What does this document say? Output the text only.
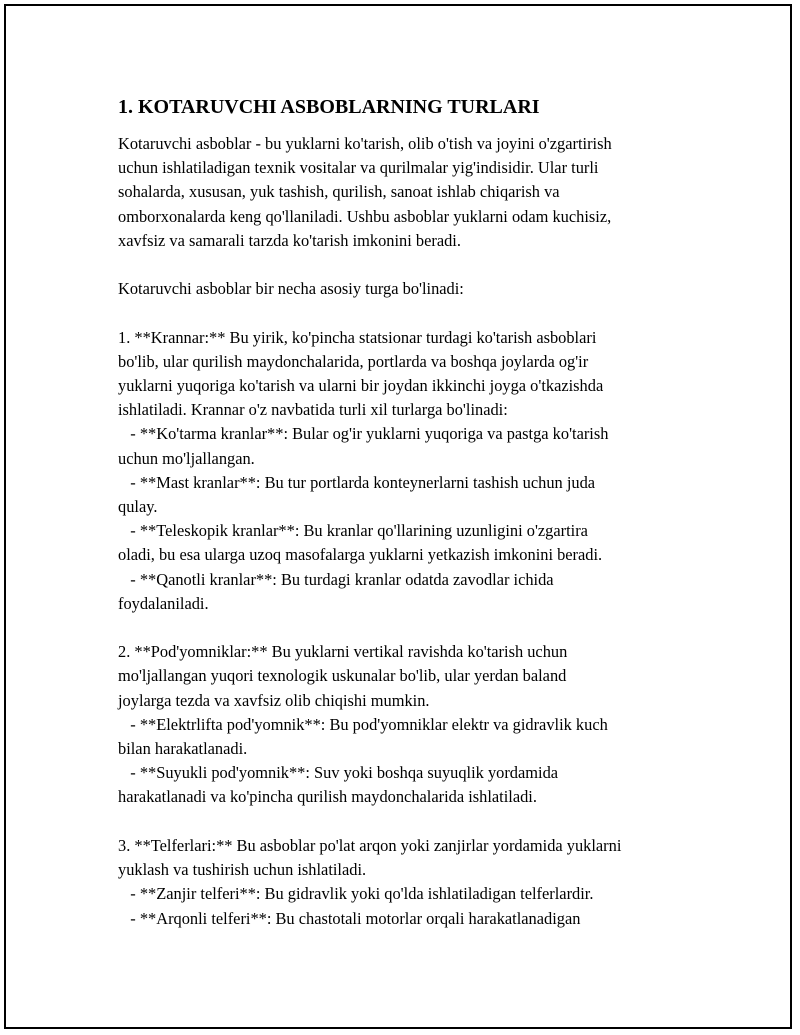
1. KOTARUVCHI ASBOBLARNING TURLARI

Kotaruvchi asboblar - bu yuklarni ko'tarish, olib o'tish va joyini o'zgartirish
uchun ishlatiladigan texnik vositalar va qurilmalar yig'indisidir. Ular turli
sohalarda, xususan, yuk tashish, qurilish, sanoat ishlab chiqarish va
omborxonalarda keng qo'llaniladi. Ushbu asboblar yuklarni odam kuchisiz,
xavfsiz va samarali tarzda ko'tarish imkonini beradi.

Kotaruvchi asboblar bir necha asosiy turga bo'linadi:

1. **Krannar:** Bu yirik, ko'pincha statsionar turdagi ko'tarish asboblari
bo'lib, ular qurilish maydonchalarida, portlarda va boshqa joylarda og'ir
yuklarni yuqoriga ko'tarish va ularni bir joydan ikkinchi joyga o'tkazishda
ishlatiladi. Krannar o'z navbatida turli xil turlarga bo'linadi:
- **Ko'tarma kranlar**: Bular og'ir yuklarni yuqoriga va pastga ko'tarish
uchun mo'ljallangan.
- **Mast kranlar**: Bu tur portlarda konteynerlarni tashish uchun juda
qulay.
- **Teleskopik kranlar**: Bu kranlar qo'llarining uzunligini o'zgartira
oladi, bu esa ularga uzoq masofalarga yuklarni yetkazish imkonini beradi.
- **Qanotli kranlar**: Bu turdagi kranlar odatda zavodlar ichida
foydalaniladi.

2. **Pod'yomniklar:** Bu yuklarni vertikal ravishda ko'tarish uchun
mo'ljallangan yuqori texnologik uskunalar bo'lib, ular yerdan baland
joylarga tezda va xavfsiz olib chiqishi mumkin.
- **Elektrlifta pod'yomnik**: Bu pod'yomniklar elektr va gidravlik kuch
bilan harakatlanadi.
- **Suyukli pod'yomnik**: Suv yoki boshqa suyuqlik yordamida
harakatlanadi va ko'pincha qurilish maydonchalarida ishlatiladi.

3. **Telferlari:** Bu asboblar po'lat arqon yoki zanjirlar yordamida yuklarni
yuklash va tushirish uchun ishlatiladi.
- **Zanjir telferi**: Bu gidravlik yoki qo'lda ishlatiladigan telferlardir.
- **Arqonli telferi**: Bu chastotali motorlar orqali harakatlanadigan
